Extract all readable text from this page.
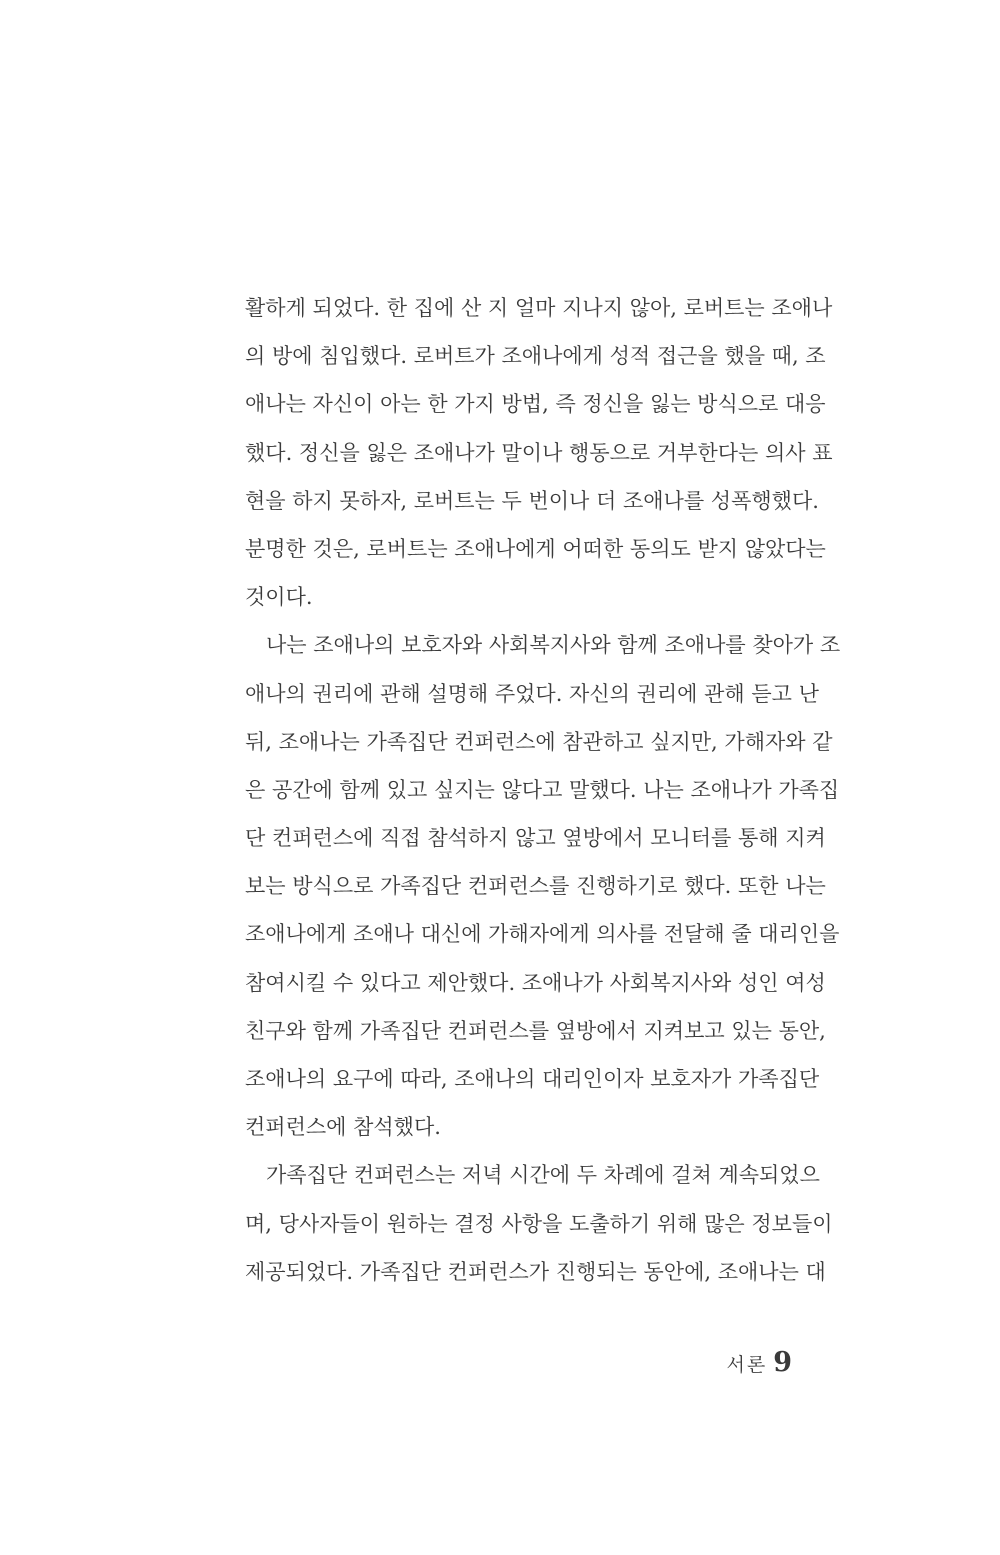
활하게 되었다. 한 집에 산 지 얼마 지나지 않아, 로버트는 조애나
의 방에 침입했다. 로버트가 조애나에게 성적 접근을 했을 때, 조
애나는 자신이 아는 한 가지 방법, 즉 정신을 잃는 방식으로 대응
했다. 정신을 잃은 조애나가 말이나 행동으로 거부한다는 의사 표
현을 하지 못하자, 로버트는 두 번이나 더 조애나를 성폭행했다.
분명한 것은, 로버트는 조애나에게 어떠한 동의도 받지 않았다는
것이다.
나는 조애나의 보호자와 사회복지사와 함께 조애나를 찾아가 조
애나의 권리에 관해 설명해 주었다. 자신의 권리에 관해 듣고 난
뒤, 조애나는 가족집단 컨퍼런스에 참관하고 싶지만, 가해자와 같
은 공간에 함께 있고 싶지는 않다고 말했다. 나는 조애나가 가족집
단 컨퍼런스에 직접 참석하지 않고 옆방에서 모니터를 통해 지켜
보는 방식으로 가족집단 컨퍼런스를 진행하기로 했다. 또한 나는
조애나에게 조애나 대신에 가해자에게 의사를 전달해 줄 대리인을
참여시킬 수 있다고 제안했다. 조애나가 사회복지사와 성인 여성
친구와 함께 가족집단 컨퍼런스를 옆방에서 지켜보고 있는 동안,
조애나의 요구에 따라, 조애나의 대리인이자 보호자가 가족집단
컨퍼런스에 참석했다.
가족집단 컨퍼런스는 저녁 시간에 두 차례에 걸쳐 계속되었으
며, 당사자들이 원하는 결정 사항을 도출하기 위해 많은 정보들이
제공되었다. 가족집단 컨퍼런스가 진행되는 동안에, 조애나는 대
서론 9
